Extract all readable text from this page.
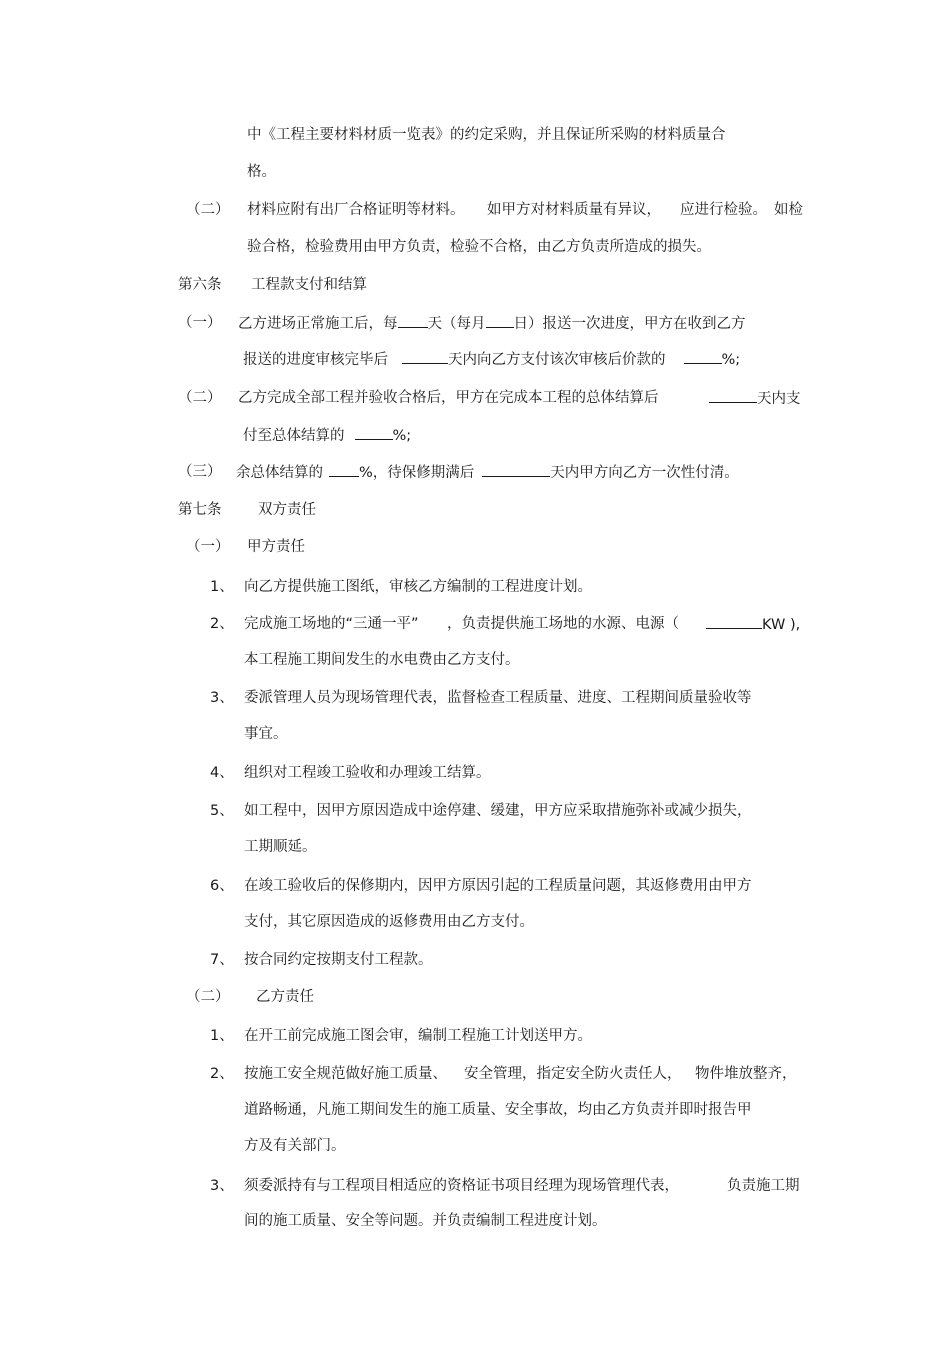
中《工程主要材料材质一览表》的约定采购，并且保证所采购的材料质量合
格。
（二） 材料应附有出厂合格证明等材料。 如甲方对材料质量有异议， 应进行检验。 如检
验合格，检验费用由甲方负责，检验不合格，由乙方负责所造成的损失。
第六条 工程款支付和结算
（一） 乙方进场正常施工后，每 天（每月 日）报送一次进度，甲方在收到乙方
报送的进度审核完毕后	天内向乙方支付该次审核后价款的	%;
（二） 乙方完成全部工程并验收合格后，甲方在完成本工程的总体结算后	天内支
付至总体结算的	%;
（三） 余总体结算的 %，待保修期满后	天内甲方向乙方一次性付清。
第七条	双方责任
（一） 甲方责任
1、 向乙方提供施工图纸，审核乙方编制的工程进度计划。
2、 完成施工场地的“三通一平” ，负责提供施工场地的水源、电源（	KW ),
本工程施工期间发生的水电费由乙方支付。
3、 委派管理人员为现场管理代表，监督检查工程质量、进度、工程期间质量验收等
事宜。
4、 组织对工程竣工验收和办理竣工结算。
5、 如工程中，因甲方原因造成中途停建、缓建，甲方应采取措施弥补或减少损失，
工期顺延。
6、 在竣工验收后的保修期内，因甲方原因引起的工程质量问题，其返修费用由甲方
支付，其它原因造成的返修费用由乙方支付。
7、 按合同约定按期支付工程款。
（二） 乙方责任
1、 在开工前完成施工图会审，编制工程施工计划送甲方。
2、 按施工安全规范做好施工质量、 安全管理，指定安全防火责任人， 物件堆放整齐，
道路畅通，凡施工期间发生的施工质量、安全事故，均由乙方负责并即时报告甲
方及有关部门。
3、 须委派持有与工程项目相适应的资格证书项目经理为现场管理代表，	负责施工期
间的施工质量、安全等问题。并负责编制工程进度计划。
